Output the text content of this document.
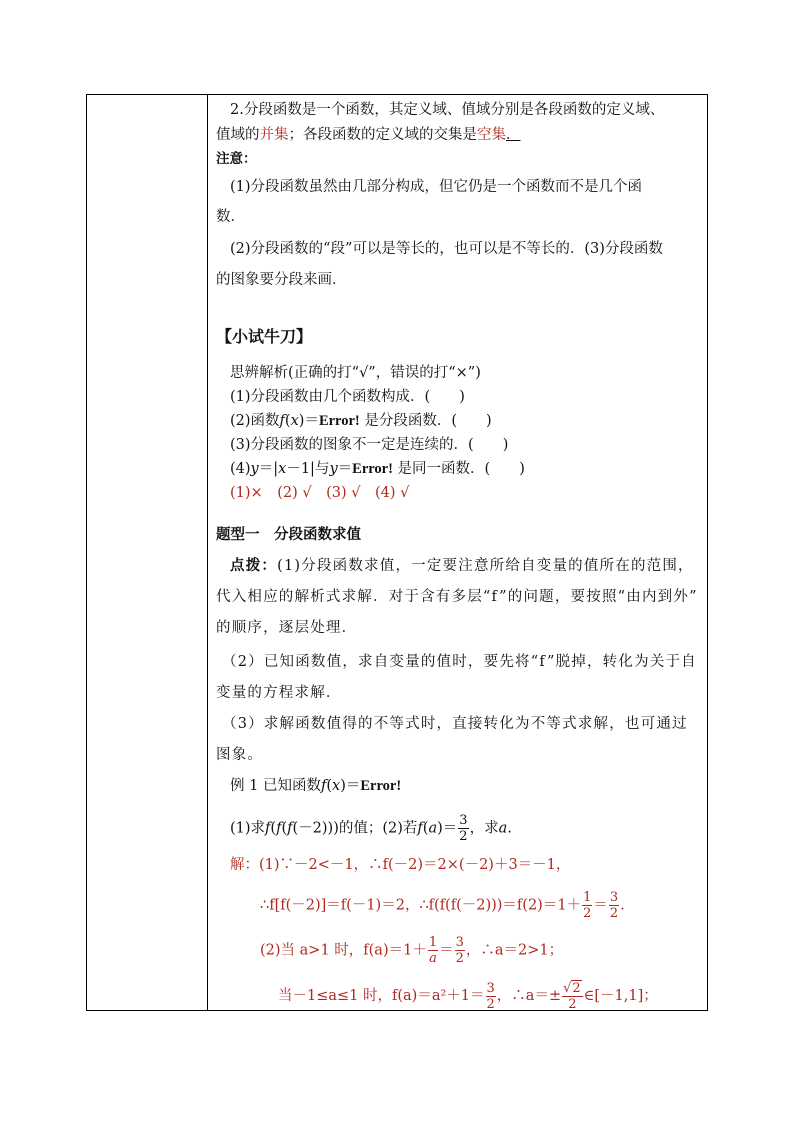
2.分段函数是一个函数，其定义域、值域分别是各段函数的定义域、
值域的并集；各段函数的定义域的交集是空集．
注意：
(1)分段函数虽然由几部分构成，但它仍是一个函数而不是几个函
数．
(2)分段函数的“段”可以是等长的，也可以是不等长的．(3)分段函数
的图象要分段来画．
【小试牛刀】
思辨解析(正确的打“√”，错误的打“×”)
(1)分段函数由几个函数构成．(　　)
(2)函数f(x)＝Error! 是分段函数．(　　)
(3)分段函数的图象不一定是连续的．(　　)
(4)y＝|x－1|与y＝Error! 是同一函数．(　　)
(1)×　(2) √　(3) √　(4) √
题型一　分段函数求值
点拨：(1)分段函数求值，一定要注意所给自变量的值所在的范围，
代入相应的解析式求解．对于含有多层“f”的问题，要按照“由内到外”
的顺序，逐层处理．
（2）已知函数值，求自变量的值时，要先将“f”脱掉，转化为关于自
变量的方程求解．
（3）求解函数值得的不等式时，直接转化为不等式求解，也可通过
图象。
例 1 已知函数f(x)＝Error!
(1)求f(f(f(－2)))的值；(2)若$f(a)= \frac{3}{2}$ ，求a.
解：(1)∵－2<－1，∴f(－2)＝2×(－2)＋3＝－1，
∴f[f(－2)]＝f(－1)＝2，∴f(f(f(－2)))＝f(2)＝1＋ $\frac{1}{2} = \frac{3}{2}$ .
(2)当 a>1 时，$f(a)=1+ \frac{1}{a} = \frac{3}{2}$ ，∴a＝2>1；
当－1≤a≤1 时，$f(a)=a^2+1= \frac{3}{2}$ ，∴a＝± $\frac{√2}{2}$ ∈[－1,1]；
